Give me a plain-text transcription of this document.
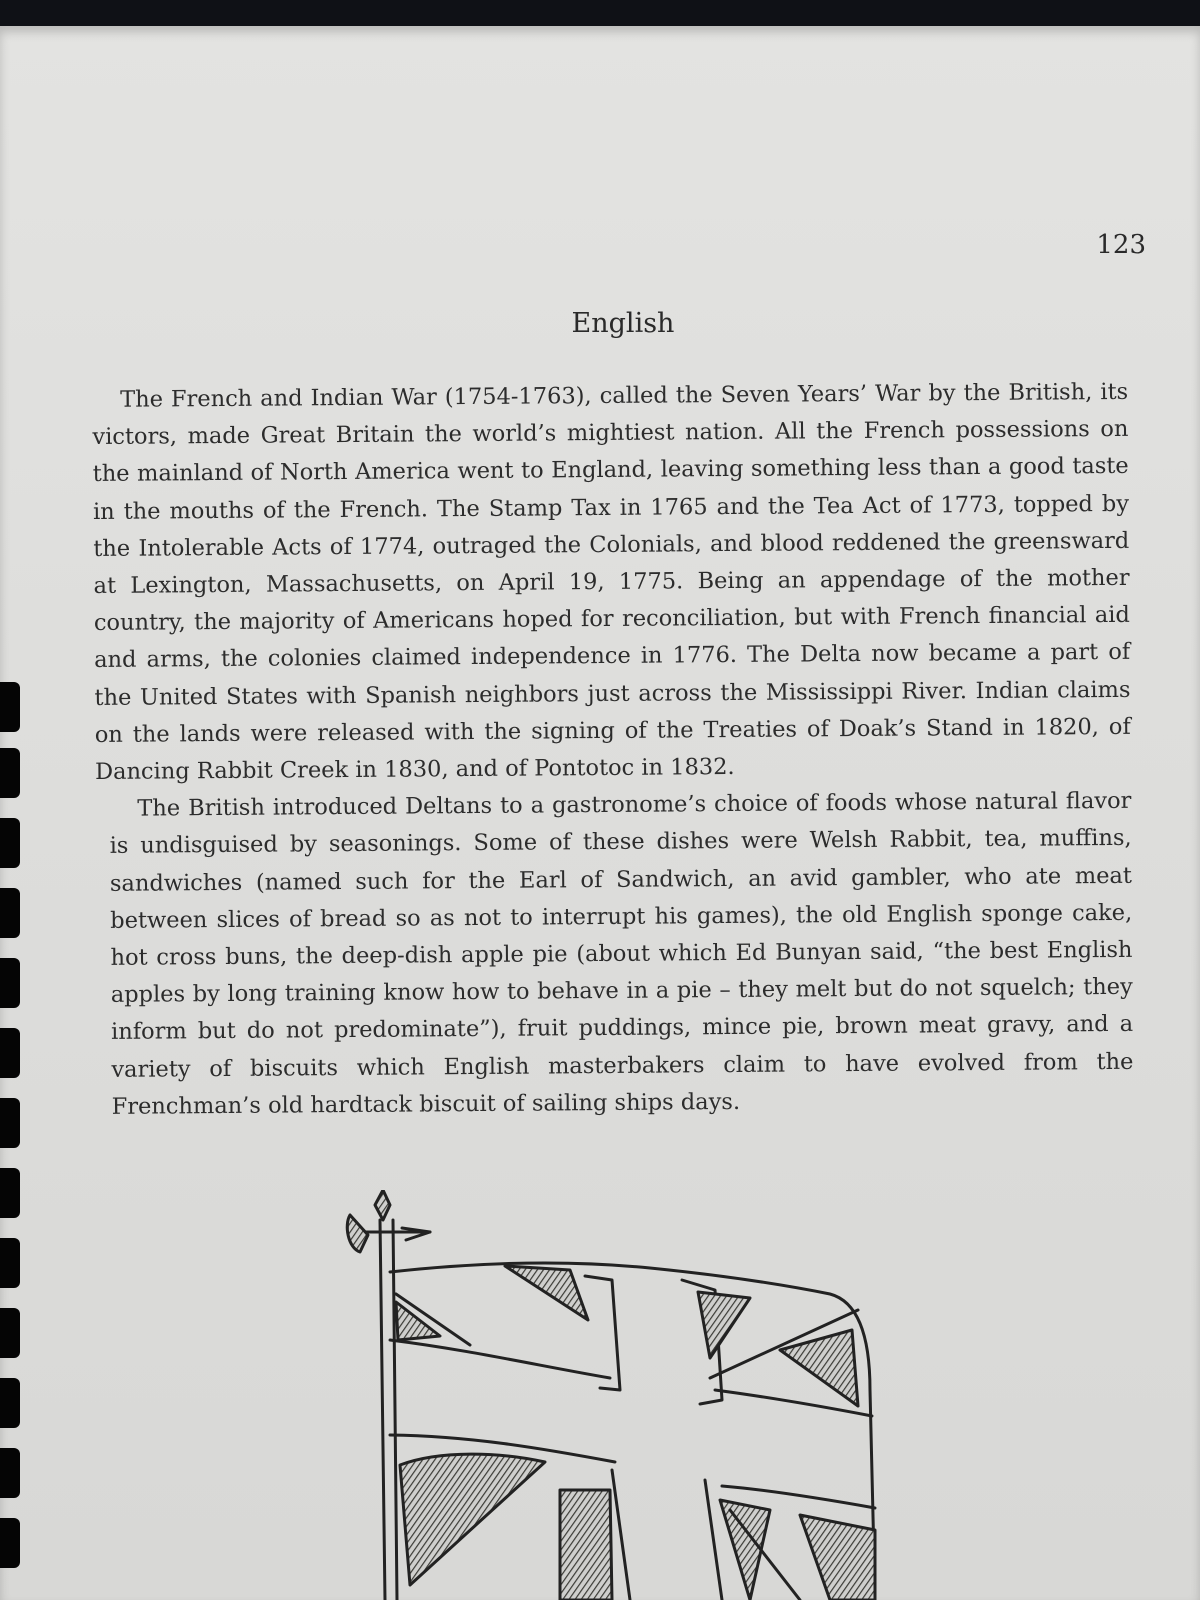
123

English

The French and Indian War (1754-1763), called the Seven Years’ War by the British, its victors, made Great Britain the world’s mightiest nation. All the French possessions on the mainland of North America went to England, leaving something less than a good taste in the mouths of the French. The Stamp Tax in 1765 and the Tea Act of 1773, topped by the Intolerable Acts of 1774, outraged the Colonials, and blood reddened the greensward at Lexington, Massachusetts, on April 19, 1775. Being an appendage of the mother country, the majority of Americans hoped for reconciliation, but with French financial aid and arms, the colonies claimed independence in 1776. The Delta now became a part of the United States with Spanish neighbors just across the Mississippi River. Indian claims on the lands were released with the signing of the Treaties of Doak’s Stand in 1820, of Dancing Rabbit Creek in 1830, and of Pontotoc in 1832.

The British introduced Deltans to a gastronome’s choice of foods whose natural flavor is undisguised by seasonings. Some of these dishes were Welsh Rabbit, tea, muffins, sandwiches (named such for the Earl of Sandwich, an avid gambler, who ate meat between slices of bread so as not to interrupt his games), the old English sponge cake, hot cross buns, the deep-dish apple pie (about which Ed Bunyan said, “the best English apples by long training know how to behave in a pie – they melt but do not squelch; they inform but do not predominate”), fruit puddings, mince pie, brown meat gravy, and a variety of biscuits which English masterbakers claim to have evolved from the Frenchman’s old hardtack biscuit of sailing ships days.
